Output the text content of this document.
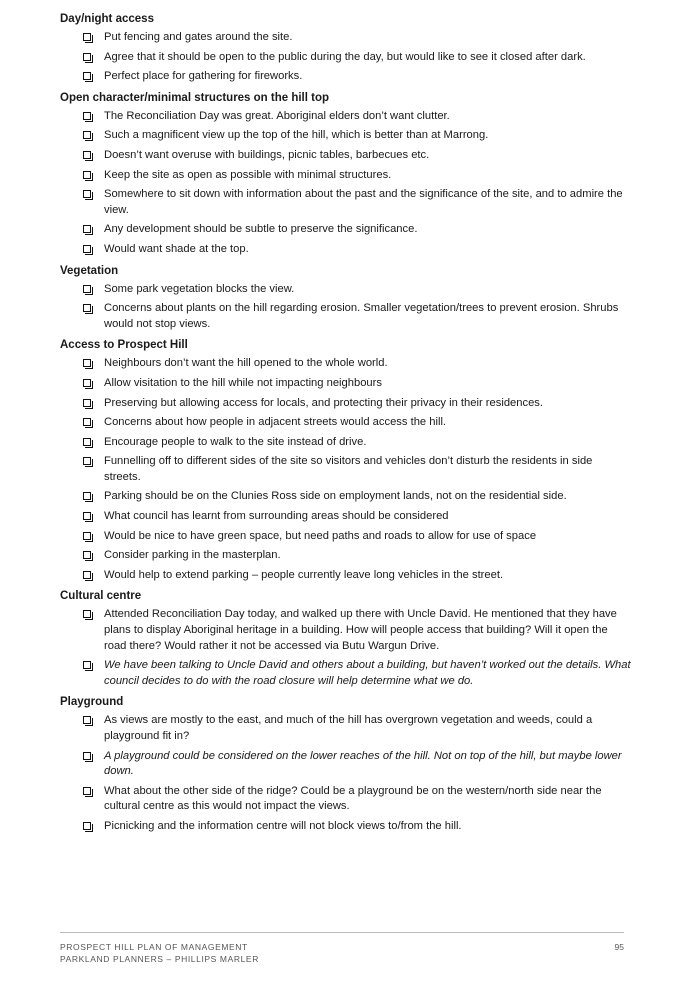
Day/night access
Put fencing and gates around the site.
Agree that it should be open to the public during the day, but would like to see it closed after dark.
Perfect place for gathering for fireworks.
Open character/minimal structures on the hill top
The Reconciliation Day was great. Aboriginal elders don’t want clutter.
Such a magnificent view up the top of the hill, which is better than at Marrong.
Doesn’t want overuse with buildings, picnic tables, barbecues etc.
Keep the site as open as possible with minimal structures.
Somewhere to sit down with information about the past and the significance of the site, and to admire the view.
Any development should be subtle to preserve the significance.
Would want shade at the top.
Vegetation
Some park vegetation blocks the view.
Concerns about plants on the hill regarding erosion. Smaller vegetation/trees to prevent erosion. Shrubs would not stop views.
Access to Prospect Hill
Neighbours don’t want the hill opened to the whole world.
Allow visitation to the hill while not impacting neighbours
Preserving but allowing access for locals, and protecting their privacy in their residences.
Concerns about how people in adjacent streets would access the hill.
Encourage people to walk to the site instead of drive.
Funnelling off to different sides of the site so visitors and vehicles don’t disturb the residents in side streets.
Parking should be on the Clunies Ross side on employment lands, not on the residential side.
What council has learnt from surrounding areas should be considered
Would be nice to have green space, but need paths and roads to allow for use of space
Consider parking in the masterplan.
Would help to extend parking – people currently leave long vehicles in the street.
Cultural centre
Attended Reconciliation Day today, and walked up there with Uncle David. He mentioned that they have plans to display Aboriginal heritage in a building. How will people access that building? Will it open the road there? Would rather it not be accessed via Butu Wargun Drive.
We have been talking to Uncle David and others about a building, but haven’t worked out the details. What council decides to do with the road closure will help determine what we do.
Playground
As views are mostly to the east, and much of the hill has overgrown vegetation and weeds, could a playground fit in?
A playground could be considered on the lower reaches of the hill. Not on top of the hill, but maybe lower down.
What about the other side of the ridge? Could be a playground be on the western/north side near the cultural centre as this would not impact the views.
Picnicking and the information centre will not block views to/from the hill.
PROSPECT HILL PLAN OF MANAGEMENT
PARKLAND PLANNERS – PHILLIPS MARLER
95
